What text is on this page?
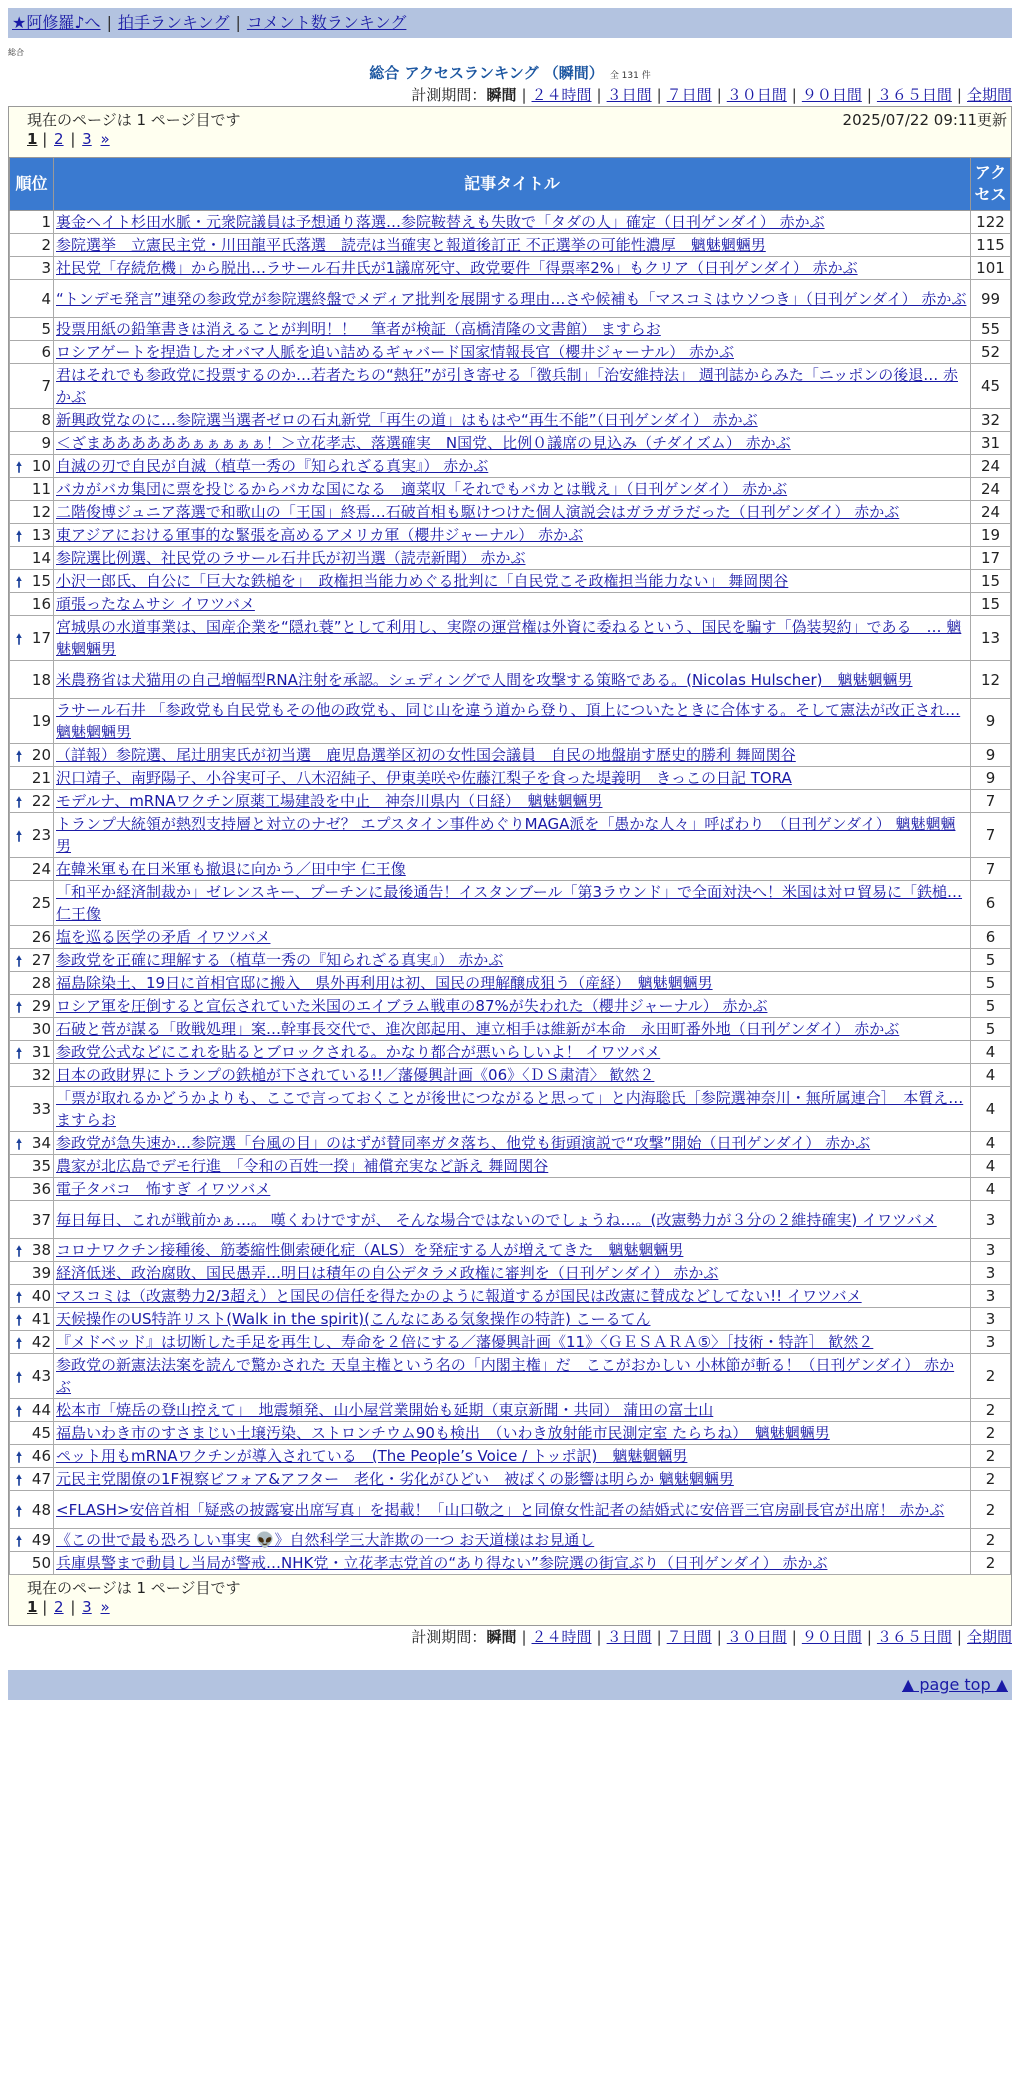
★阿修羅♪へ | 拍手ランキング | コメント数ランキング
総合
総合 アクセスランキング （瞬間） 全 131 件
計測期間：瞬間 | ２４時間 | ３日間 | ７日間 | ３０日間 | ９０日間 | ３６５日間 | 全期間
現在のページは 1 ページ目です	2025/07/22 09:11更新
1 | 2 | 3 »
順位	記事タイトル	アクセス
1	裏金ヘイト杉田水脈・元衆院議員は予想通り落選…参院鞍替えも失敗で「タダの人」確定（日刊ゲンダイ） 赤かぶ	122
2	参院選挙　立憲民主党・川田龍平氏落選　読売は当確実と報道後訂正 不正選挙の可能性濃厚　魑魅魍魎男	115
3	社民党「存続危機」から脱出…ラサール石井氏が1議席死守、政党要件「得票率2%」もクリア（日刊ゲンダイ） 赤かぶ	101
4	“トンデモ発言”連発の参政党が参院選終盤でメディア批判を展開する理由…さや候補も「マスコミはウソつき」（日刊ゲンダイ） 赤かぶ	99
5	投票用紙の鉛筆書きは消えることが判明！！　筆者が検証（高橋清隆の文書館） ますらお	55
6	ロシアゲートを捏造したオバマ人脈を追い詰めるギャバード国家情報長官（櫻井ジャーナル） 赤かぶ	52
7	君はそれでも参政党に投票するのか…若者たちの“熱狂”が引き寄せる「徴兵制」「治安維持法」 週刊誌からみた「ニッポンの後退… 赤かぶ	45
8	新興政党なのに…参院選当選者ゼロの石丸新党「再生の道」はもはや“再生不能”（日刊ゲンダイ） 赤かぶ	32
9	＜ざまああああああぁぁぁぁぁ！＞立花孝志、落選確実　N国党、比例０議席の見込み（チダイズム） 赤かぶ	31

🠕 10	自滅の刃で自民が自滅（植草一秀の『知られざる真実』） 赤かぶ	24
11	バカがバカ集団に票を投じるからバカな国になる　適菜収「それでもバカとは戦え」（日刊ゲンダイ） 赤かぶ	24
12	二階俊博ジュニア落選で和歌山の「王国」終焉…石破首相も駆けつけた個人演説会はガラガラだった（日刊ゲンダイ） 赤かぶ	24

🠕 13	東アジアにおける軍事的な緊張を高めるアメリカ軍（櫻井ジャーナル） 赤かぶ	19
14	参院選比例選、社民党のラサール石井氏が初当選（読売新聞） 赤かぶ	17

🠕 15	小沢一郎氏、自公に「巨大な鉄槌を」　政権担当能力めぐる批判に「自民党こそ政権担当能力ない」 舞岡関谷	15
16	頑張ったなムサシ イワツバメ	15

🠕 17	宮城県の水道事業は、国産企業を“隠れ蓑”として利用し、実際の運営権は外資に委ねるという、国民を騙す「偽装契約」である　… 魑魅魍魎男	13
18	米農務省は犬猫用の自己増幅型RNA注射を承認。シェディングで人間を攻撃する策略である。(Nicolas Hulscher)　魑魅魍魎男	12
19	ラサール石井 「参政党も自民党もその他の政党も、同じ山を違う道から登り、頂上についたときに合体する。そして憲法が改正され… 魑魅魍魎男	9

🠕 20	（詳報）参院選、尾辻朋実氏が初当選　鹿児島選挙区初の女性国会議員　自民の地盤崩す歴史的勝利 舞岡関谷	9
21	沢口靖子、南野陽子、小谷実可子、八木沼純子、伊東美咲や佐藤江梨子を食った堤義明　きっこの日記 TORA	9

🠕 22	モデルナ、mRNAワクチン原薬工場建設を中止　神奈川県内（日経）　魑魅魍魎男	7

🠕 23	トランプ大統領が熱烈支持層と対立のナゼ？ エプスタイン事件めぐりMAGA派を「愚かな人々」呼ばわり　（日刊ゲンダイ） 魑魅魍魎男	7
24	在韓米軍も在日米軍も撤退に向かう／田中宇 仁王像	7
25	「和平か経済制裁か」ゼレンスキー、プーチンに最後通告！イスタンブール「第3ラウンド」で全面対決へ！米国は対ロ貿易に「鉄槌… 仁王像	6
26	塩を巡る医学の矛盾 イワツバメ	6

🠕 27	参政党を正確に理解する（植草一秀の『知られざる真実』） 赤かぶ	5
28	福島除染土、19日に首相官邸に搬入　県外再利用は初、国民の理解醸成狙う（産経）　魑魅魍魎男	5

🠕 29	ロシア軍を圧倒すると宣伝されていた米国のエイブラム戦車の87%が失われた（櫻井ジャーナル） 赤かぶ	5
30	石破と菅が謀る「敗戦処理」案…幹事長交代で、進次郎起用、連立相手は維新が本命　永田町番外地（日刊ゲンダイ） 赤かぶ	5

🠕 31	参政党公式などにこれを貼るとブロックされる。かなり都合が悪いらしいよ！ イワツバメ	4
32	日本の政財界にトランプの鉄槌が下されている!!／藩優興計画《06》〈ＤＳ粛清〉 歓然２	4
33	「票が取れるかどうかよりも、ここで言っておくことが後世につながると思って」と内海聡氏［参院選神奈川・無所属連合］　本質え… ますらお	4

🠕 34	参政党が急失速か…参院選「台風の目」のはずが賛同率ガタ落ち、他党も街頭演説で“攻撃”開始（日刊ゲンダイ） 赤かぶ	4
35	農家が北広島でデモ行進　「令和の百姓一揆」補償充実など訴え 舞岡関谷	4
36	電子タバコ　怖すぎ イワツバメ	4
37	毎日毎日、これが戦前かぁ…。 嘆くわけですが、 そんな場合ではないのでしょうね…。(改憲勢力が３分の２維持確実) イワツバメ	3

🠕 38	コロナワクチン接種後、筋萎縮性側索硬化症（ALS）を発症する人が増えてきた　魑魅魍魎男	3
39	経済低迷、政治腐敗、国民愚弄…明日は積年の自公デタラメ政権に審判を（日刊ゲンダイ） 赤かぶ	3

🠕 40	マスコミは（改憲勢力2/3超え）と国民の信任を得たかのように報道するが国民は改憲に賛成などしてない!! イワツバメ	3

🠕 41	天候操作のUS特許リスト(Walk in the spirit)(こんなにある気象操作の特許) こーるてん	3

🠕 42	『メドベッド』は切断した手足を再生し、寿命を２倍にする／藩優興計画《11》〈ＧＥＳＡＲＡ⑤〉［技術・特許］ 歓然２	3

🠕 43	参政党の新憲法法案を読んで驚かされた 天皇主権という名の「内閣主権」だ　ここがおかしい 小林節が斬る！（日刊ゲンダイ） 赤かぶ	2

🠕 44	松本市「焼岳の登山控えて」　地震頻発、山小屋営業開始も延期（東京新聞・共同） 蒲田の富士山	2
45	福島いわき市のすさまじい土壌汚染、ストロンチウム90も検出　（いわき放射能市民測定室 たらちね）　魑魅魍魎男	2

🠕 46	ペット用もmRNAワクチンが導入されている　(The People’s Voice / トッポ訳)　魑魅魍魎男	2

🠕 47	元民主党閣僚の1F視察ビフォア&アフター　老化・劣化がひどい　被ばくの影響は明らか 魑魅魍魎男	2

🠕 48	<FLASH>安倍首相「疑惑の披露宴出席写真」を掲載！「山口敬之」と同僚女性記者の結婚式に安倍晋三官房副長官が出席！ 赤かぶ	2

🠕 49	《この世で最も恐ろしい事実 👽》自然科学三大詐欺の一つ お天道様はお見通し	2
50	兵庫県警まで動員し当局が警戒…NHK党・立花孝志党首の“あり得ない”参院選の街宣ぶり（日刊ゲンダイ） 赤かぶ	2
現在のページは 1 ページ目です
1 | 2 | 3 »
計測期間：瞬間 | ２４時間 | ３日間 | ７日間 | ３０日間 | ９０日間 | ３６５日間 | 全期間
▲ page top ▲
